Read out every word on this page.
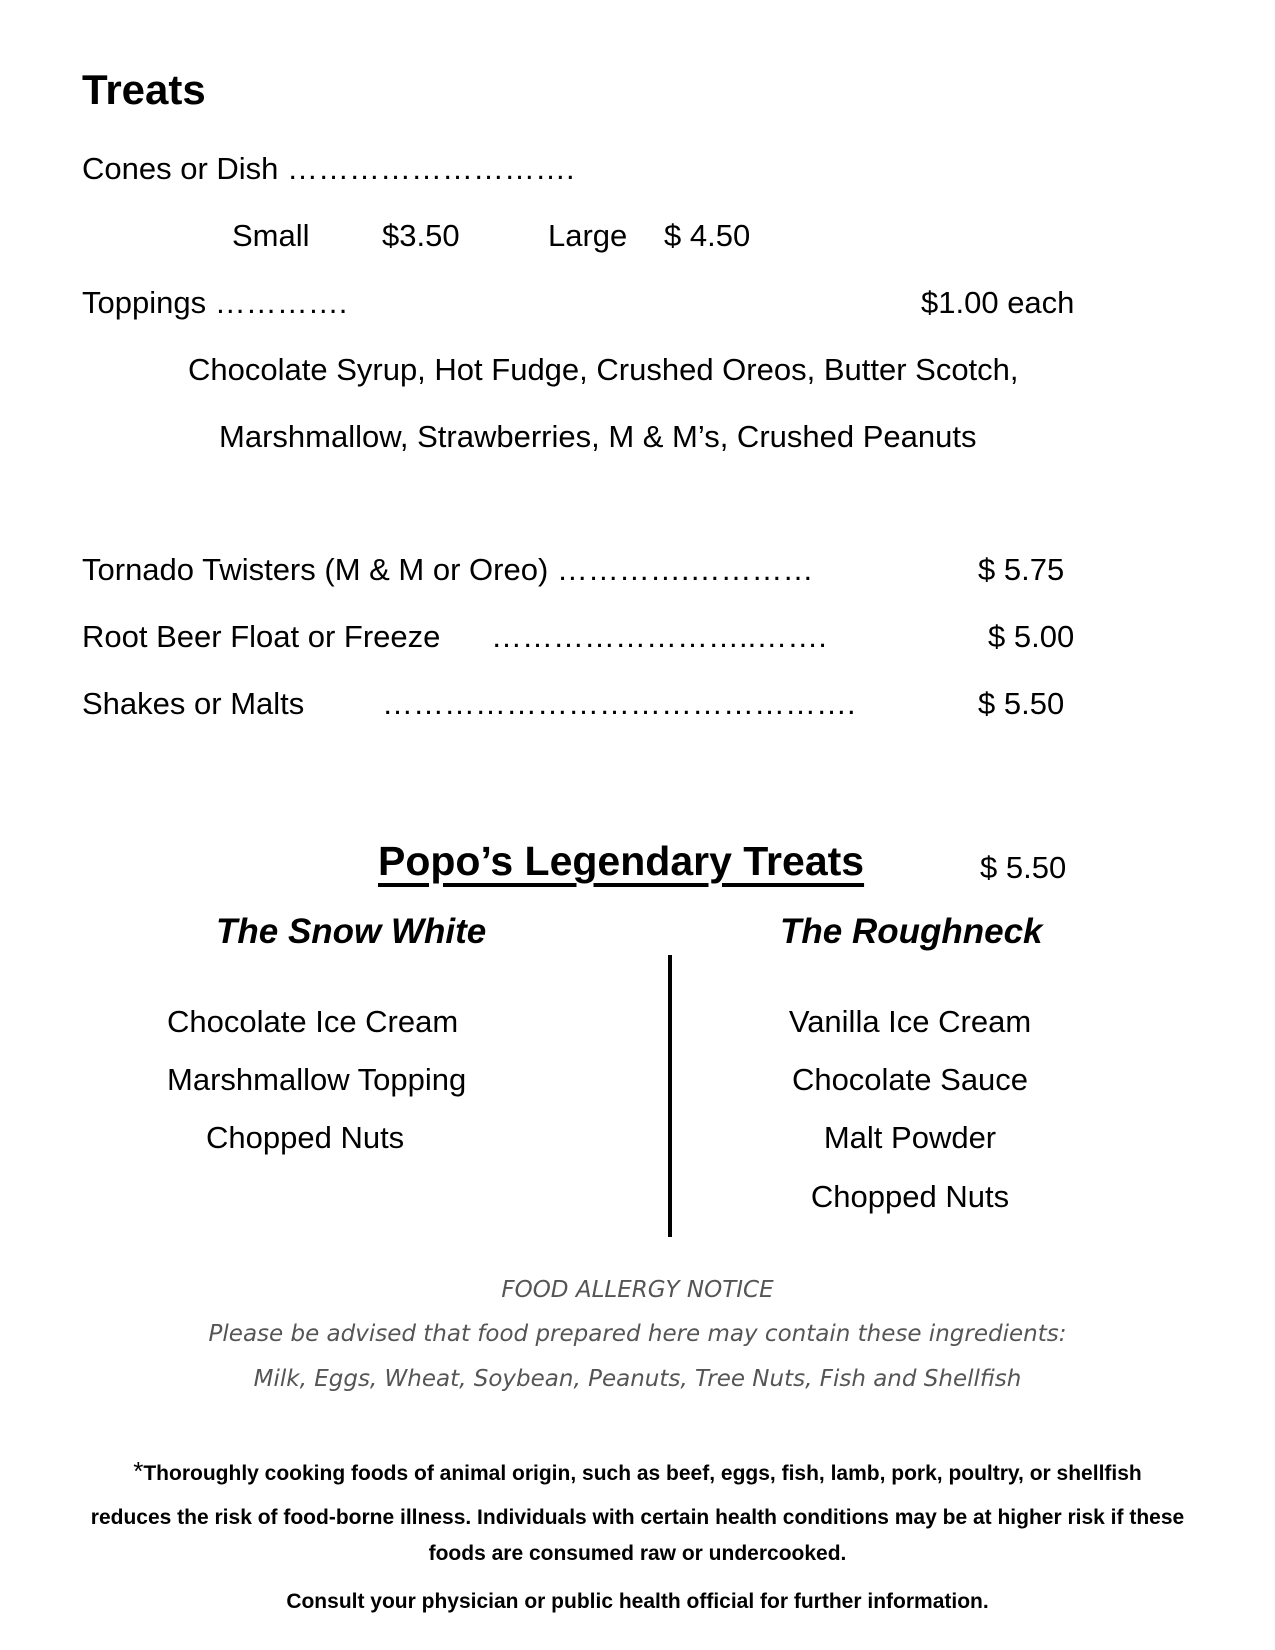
Treats
Cones or Dish ……………………….
Small $3.50	Large $ 4.50
Toppings ………….	$1.00 each
Chocolate Syrup, Hot Fudge, Crushed Oreos, Butter Scotch,
Marshmallow, Strawberries, M & M’s, Crushed Peanuts
Tornado Twisters (M & M or Oreo) ………….…………	$ 5.75
Root Beer Float or Freeze ……………………..…….	$ 5.00
Shakes or Malts	……………………………………….	$ 5.50
Popo’s Legendary Treats	$ 5.50
The Snow White	The Roughneck
Chocolate Ice Cream
Marshmallow Topping
Chopped Nuts
Vanilla Ice Cream
Chocolate Sauce
Malt Powder
Chopped Nuts
FOOD ALLERGY NOTICE
Please be advised that food prepared here may contain these ingredients:
Milk, Eggs, Wheat, Soybean, Peanuts, Tree Nuts, Fish and Shellfish
*Thoroughly cooking foods of animal origin, such as beef, eggs, fish, lamb, pork, poultry, or shellfish
reduces the risk of food-borne illness. Individuals with certain health conditions may be at higher risk if these
foods are consumed raw or undercooked.
Consult your physician or public health official for further information.
